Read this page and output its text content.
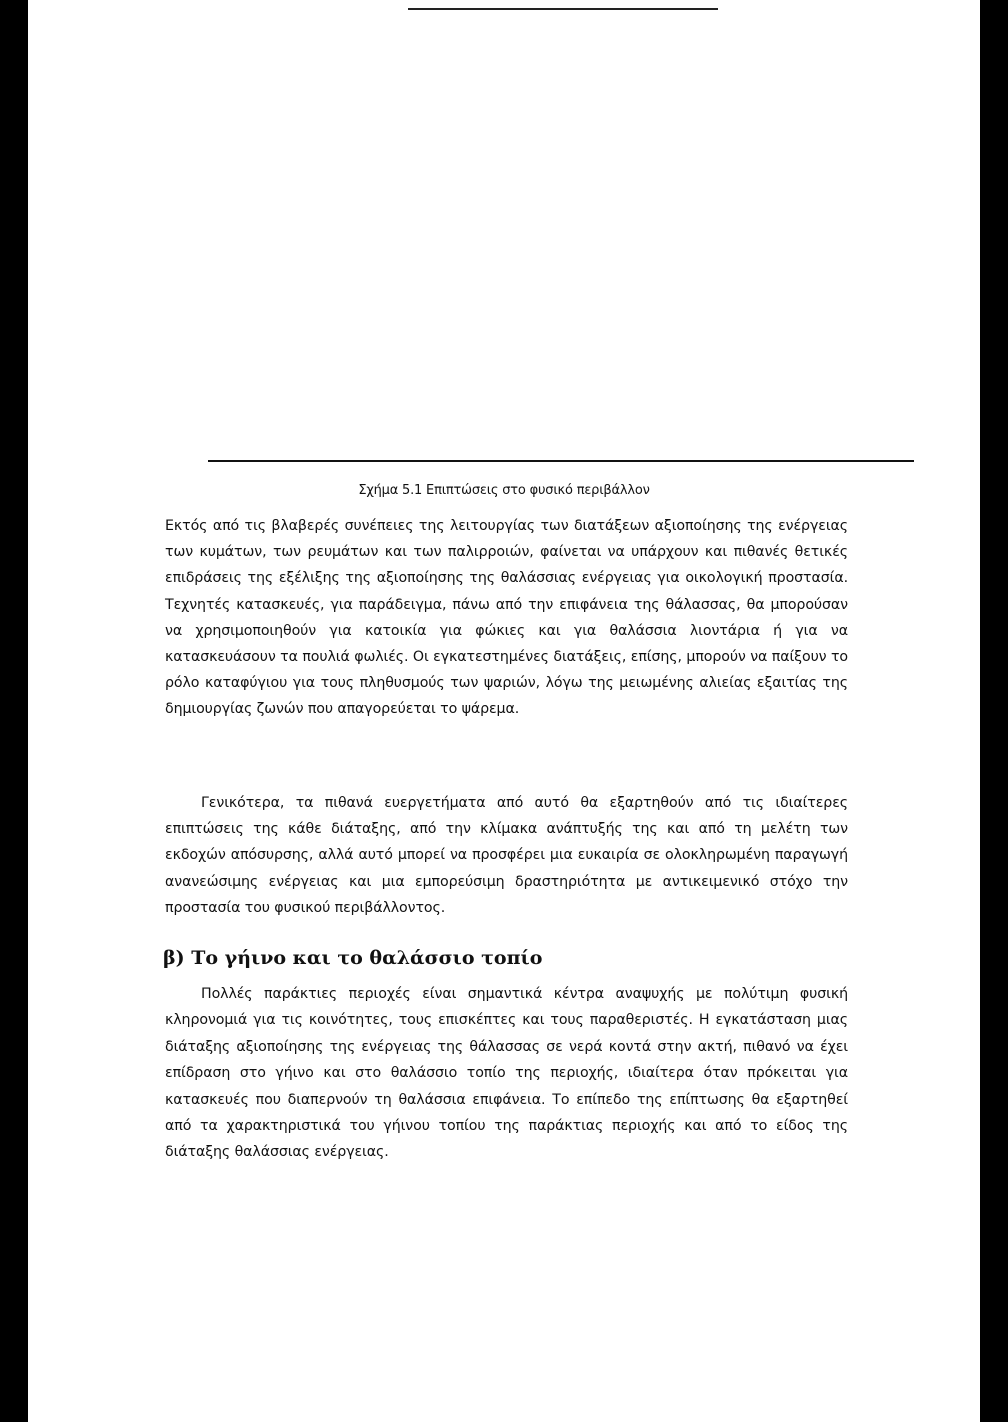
Σχήμα 5.1 Επιπτώσεις στο φυσικό περιβάλλον

Εκτός από τις βλαβερές συνέπειες της λειτουργίας των διατάξεων αξιοποίησης της ενέργειας των κυμάτων, των ρευμάτων και των παλιρροιών, φαίνεται να υπάρχουν και πιθανές θετικές επιδράσεις της εξέλιξης της αξιοποίησης της θαλάσσιας ενέργειας για οικολογική προστασία. Τεχνητές κατασκευές, για παράδειγμα, πάνω από την επιφάνεια της θάλασσας, θα μπορούσαν να χρησιμοποιηθούν για κατοικία για φώκιες και για θαλάσσια λιοντάρια ή για να κατασκευάσουν τα πουλιά φωλιές. Οι εγκατεστημένες διατάξεις, επίσης, μπορούν να παίξουν το ρόλο καταφύγιου για τους πληθυσμούς των ψαριών, λόγω της μειωμένης αλιείας εξαιτίας της δημιουργίας ζωνών που απαγορεύεται το ψάρεμα.

Γενικότερα, τα πιθανά ευεργετήματα από αυτό θα εξαρτηθούν από τις ιδιαίτερες επιπτώσεις της κάθε διάταξης, από την κλίμακα ανάπτυξής της και από τη μελέτη των εκδοχών απόσυρσης, αλλά αυτό μπορεί να προσφέρει μια ευκαιρία σε ολοκληρωμένη παραγωγή ανανεώσιμης ενέργειας και μια εμπορεύσιμη δραστηριότητα με αντικειμενικό στόχο την προστασία του φυσικού περιβάλλοντος.

β) Το γήινο και το θαλάσσιο τοπίο

Πολλές παράκτιες περιοχές είναι σημαντικά κέντρα αναψυχής με πολύτιμη φυσική κληρονομιά για τις κοινότητες, τους επισκέπτες και τους παραθεριστές. Η εγκατάσταση μιας διάταξης αξιοποίησης της ενέργειας της θάλασσας σε νερά κοντά στην ακτή, πιθανό να έχει επίδραση στο γήινο και στο θαλάσσιο τοπίο της περιοχής, ιδιαίτερα όταν πρόκειται για κατασκευές που διαπερνούν τη θαλάσσια επιφάνεια. Το επίπεδο της επίπτωσης θα εξαρτηθεί από τα χαρακτηριστικά του γήινου τοπίου της παράκτιας περιοχής και από το είδος της διάταξης θαλάσσιας ενέργειας.
